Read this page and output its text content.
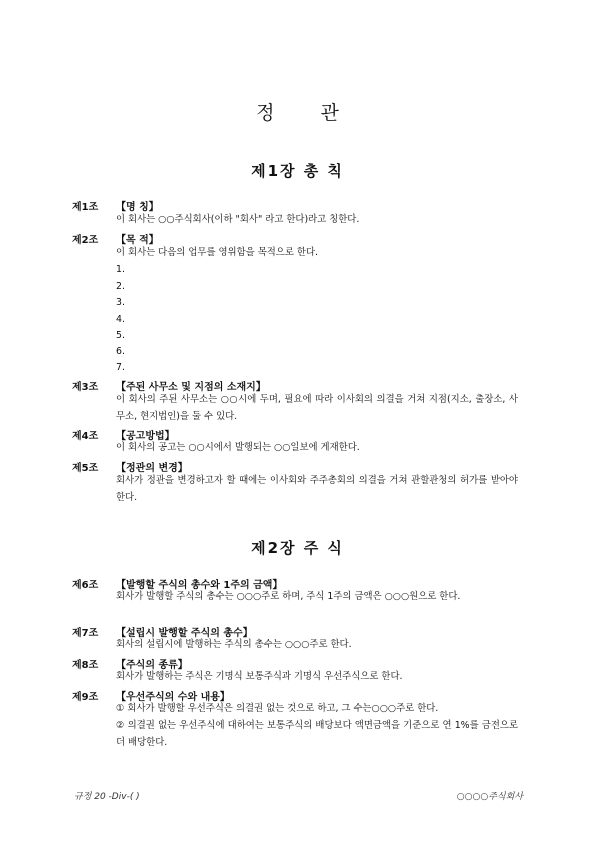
정 관
제1장 총 칙
제1조 【명 칭】
이 회사는 ○○주식회사(이하 "회사" 라고 한다)라고 칭한다.
제2조 【목 적】
이 회사는 다음의 업무를 영위함을 목적으로 한다.
1.
2.
3.
4.
5.
6.
7.
제3조 【주된 사무소 및 지점의 소재지】
이 회사의 주된 사무소는 ○○시에 두며, 필요에 따라 이사회의 의결을 거쳐 지점(지소, 출장소, 사무소, 현지법인)을 둘 수 있다.
제4조 【공고방법】
이 회사의 공고는 ○○시에서 발행되는 ○○일보에 게재한다.
제5조 【정관의 변경】
회사가 정관을 변경하고자 할 때에는 이사회와 주주총회의 의결을 거쳐 관할관청의 허가를 받아야 한다.
제2장 주 식
제6조 【발행할 주식의 총수와 1주의 금액】
회사가 발행할 주식의 총수는 ○○○주로 하며, 주식 1주의 금액은 ○○○원으로 한다.
제7조 【설립시 발행할 주식의 총수】
회사의 설립시에 발행하는 주식의 총수는 ○○○주로 한다.
제8조 【주식의 종류】
회사가 발행하는 주식은 기명식 보통주식과 기명식 우선주식으로 한다.
제9조 【우선주식의 수와 내용】
① 회사가 발행할 우선주식은 의결권 없는 것으로 하고, 그 수는○○○주로 한다.
② 의결권 없는 우선주식에 대하여는 보통주식의 배당보다 액면금액을 기준으로 연 1%를 금전으로 더 배당한다.
규정 20 -Div-( )	○○○○주식회사
